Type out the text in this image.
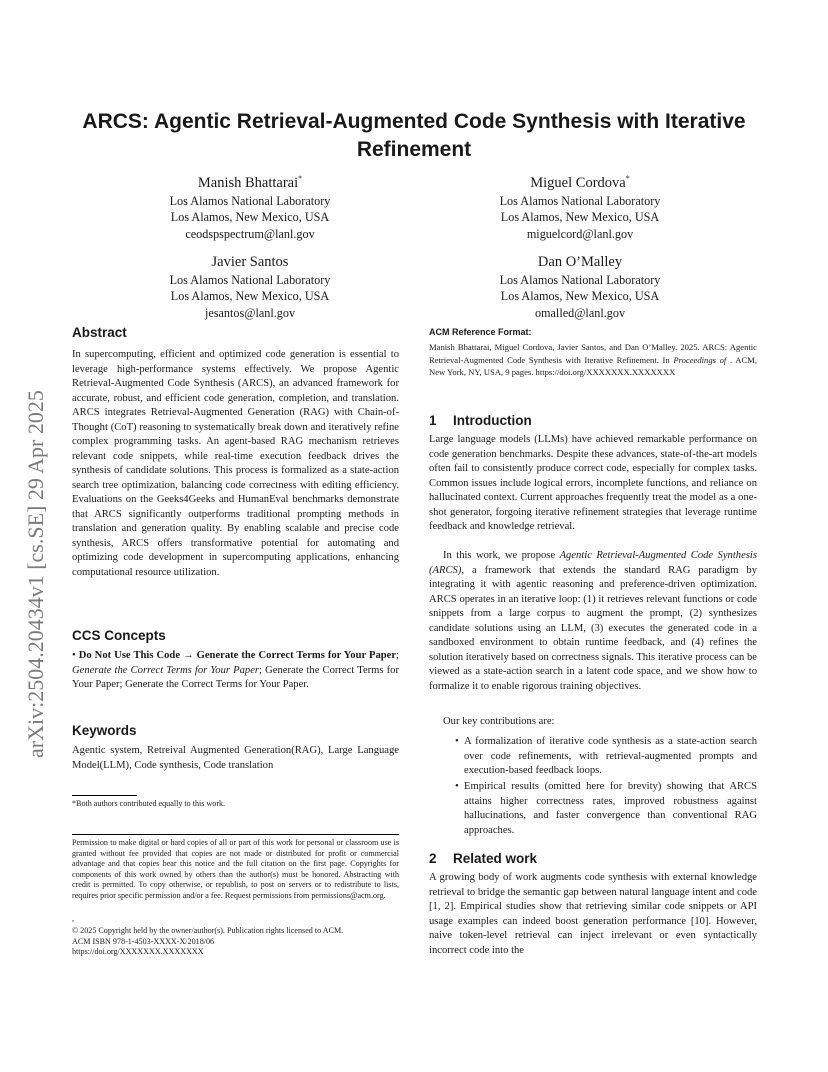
arXiv:2504.20434v1 [cs.SE] 29 Apr 2025
ARCS: Agentic Retrieval-Augmented Code Synthesis with Iterative Refinement
Manish Bhattarai*
Los Alamos National Laboratory
Los Alamos, New Mexico, USA
ceodspspectrum@lanl.gov
Miguel Cordova*
Los Alamos National Laboratory
Los Alamos, New Mexico, USA
miguelcord@lanl.gov
Javier Santos
Los Alamos National Laboratory
Los Alamos, New Mexico, USA
jesantos@lanl.gov
Dan O’Malley
Los Alamos National Laboratory
Los Alamos, New Mexico, USA
omalled@lanl.gov
Abstract

In supercomputing, efficient and optimized code generation is essential to leverage high-performance systems effectively. We propose Agentic Retrieval-Augmented Code Synthesis (ARCS), an advanced framework for accurate, robust, and efficient code generation, completion, and translation. ARCS integrates Retrieval-Augmented Generation (RAG) with Chain-of-Thought (CoT) reasoning to systematically break down and iteratively refine complex programming tasks. An agent-based RAG mechanism retrieves relevant code snippets, while real-time execution feedback drives the synthesis of candidate solutions. This process is formalized as a state-action search tree optimization, balancing code correctness with editing efficiency. Evaluations on the Geeks4Geeks and HumanEval benchmarks demonstrate that ARCS significantly outperforms traditional prompting methods in translation and generation quality. By enabling scalable and precise code synthesis, ARCS offers transformative potential for automating and optimizing code development in supercomputing applications, enhancing computational resource utilization.

CCS Concepts

• Do Not Use This Code → Generate the Correct Terms for Your Paper; Generate the Correct Terms for Your Paper; Generate the Correct Terms for Your Paper; Generate the Correct Terms for Your Paper.

Keywords

Agentic system, Retreival Augmented Generation(RAG), Large Language Model(LLM), Code synthesis, Code translation

*Both authors contributed equally to this work.

Permission to make digital or hard copies of all or part of this work for personal or classroom use is granted without fee provided that copies are not made or distributed for profit or commercial advantage and that copies bear this notice and the full citation on the first page. Copyrights for components of this work owned by others than the author(s) must be honored. Abstracting with credit is permitted. To copy otherwise, or republish, to post on servers or to redistribute to lists, requires prior specific permission and/or a fee. Request permissions from permissions@acm.org.

,

© 2025 Copyright held by the owner/author(s). Publication rights licensed to ACM.
ACM ISBN 978-1-4503-XXXX-X/2018/06
https://doi.org/XXXXXXX.XXXXXXX
ACM Reference Format:

Manish Bhattarai, Miguel Cordova, Javier Santos, and Dan O’Malley. 2025. ARCS: Agentic Retrieval-Augmented Code Synthesis with Iterative Refinement. In Proceedings of . ACM, New York, NY, USA, 9 pages. https://doi.org/XXXXXXX.XXXXXXX

1 Introduction

Large language models (LLMs) have achieved remarkable performance on code generation benchmarks. Despite these advances, state-of-the-art models often fail to consistently produce correct code, especially for complex tasks. Common issues include logical errors, incomplete functions, and reliance on hallucinated context. Current approaches frequently treat the model as a one-shot generator, forgoing iterative refinement strategies that leverage runtime feedback and knowledge retrieval.

In this work, we propose Agentic Retrieval-Augmented Code Synthesis (ARCS), a framework that extends the standard RAG paradigm by integrating it with agentic reasoning and preference-driven optimization. ARCS operates in an iterative loop: (1) it retrieves relevant functions or code snippets from a large corpus to augment the prompt, (2) synthesizes candidate solutions using an LLM, (3) executes the generated code in a sandboxed environment to obtain runtime feedback, and (4) refines the solution iteratively based on correctness signals. This iterative process can be viewed as a state-action search in a latent code space, and we show how to formalize it to enable rigorous training objectives.

Our key contributions are:

• A formalization of iterative code synthesis as a state-action search over code refinements, with retrieval-augmented prompts and execution-based feedback loops.
• Empirical results (omitted here for brevity) showing that ARCS attains higher correctness rates, improved robustness against hallucinations, and faster convergence than conventional RAG approaches.
2 Related work

A growing body of work augments code synthesis with external knowledge retrieval to bridge the semantic gap between natural language intent and code [1, 2]. Empirical studies show that retrieving similar code snippets or API usage examples can indeed boost generation performance [10]. However, naive token-level retrieval can inject irrelevant or even syntactically incorrect code into the
